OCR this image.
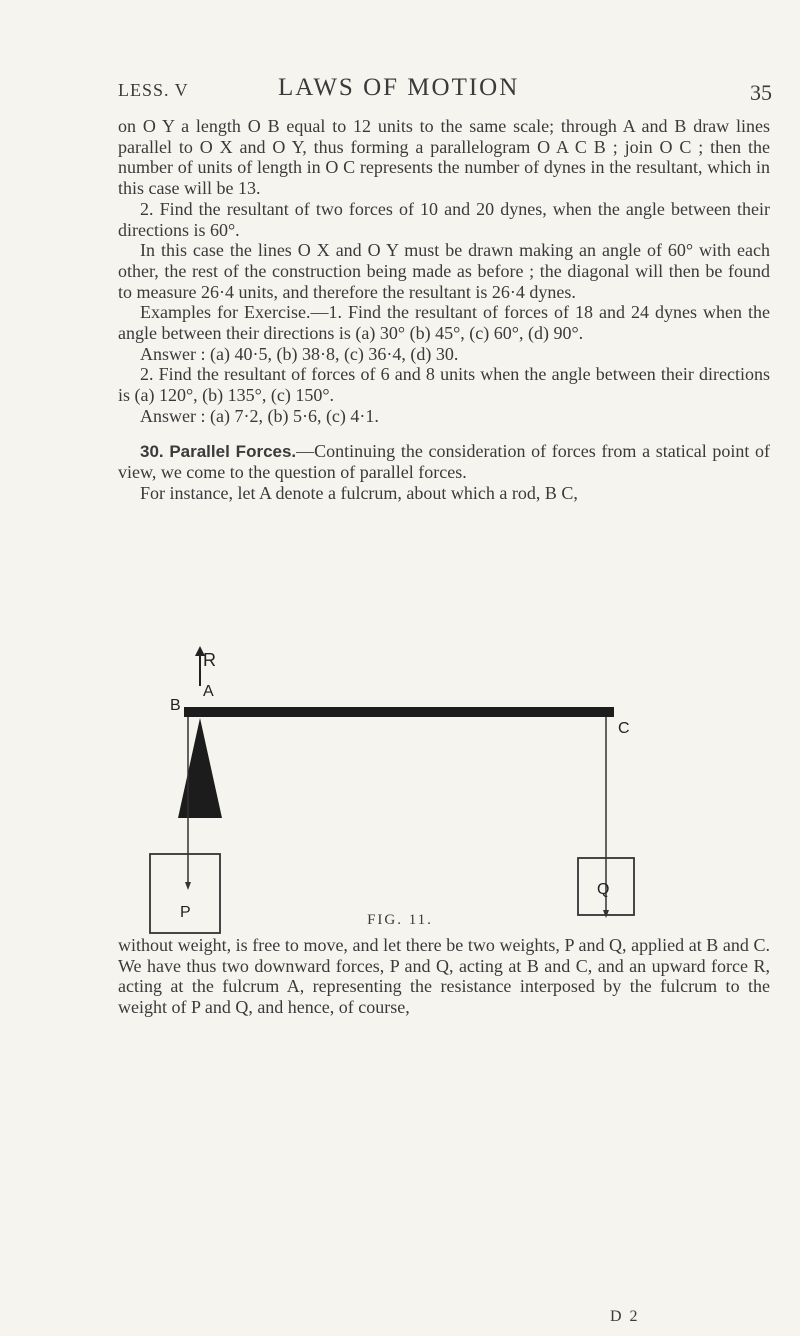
LESS. V	LAWS OF MOTION	35

on O Y a length O B equal to 12 units to the same scale; through A and B draw lines parallel to O X and O Y, thus forming a parallelogram O A C B ; join O C ; then the number of units of length in O C represents the number of dynes in the resultant, which in this case will be 13.

2. Find the resultant of two forces of 10 and 20 dynes, when the angle between their directions is 60°.

In this case the lines O X and O Y must be drawn making an angle of 60° with each other, the rest of the construction being made as before ; the diagonal will then be found to measure 26·4 units, and therefore the resultant is 26·4 dynes.

Examples for Exercise.—1. Find the resultant of forces of 18 and 24 dynes when the angle between their directions is (a) 30° (b) 45°, (c) 60°, (d) 90°.

Answer : (a) 40·5, (b) 38·8, (c) 36·4, (d) 30.

2. Find the resultant of forces of 6 and 8 units when the angle between their directions is (a) 120°, (b) 135°, (c) 150°.

Answer : (a) 7·2, (b) 5·6, (c) 4·1.

30. Parallel Forces.—Continuing the consideration of forces from a statical point of view, we come to the question of parallel forces.

For instance, let A denote a fulcrum, about which a rod, B C,

R
A
B
C
P
Q
FIG. 11.

without weight, is free to move, and let there be two weights, P and Q, applied at B and C. We have thus two downward forces, P and Q, acting at B and C, and an upward force R, acting at the fulcrum A, representing the resistance interposed by the fulcrum to the weight of P and Q, and hence, of course,

D 2
